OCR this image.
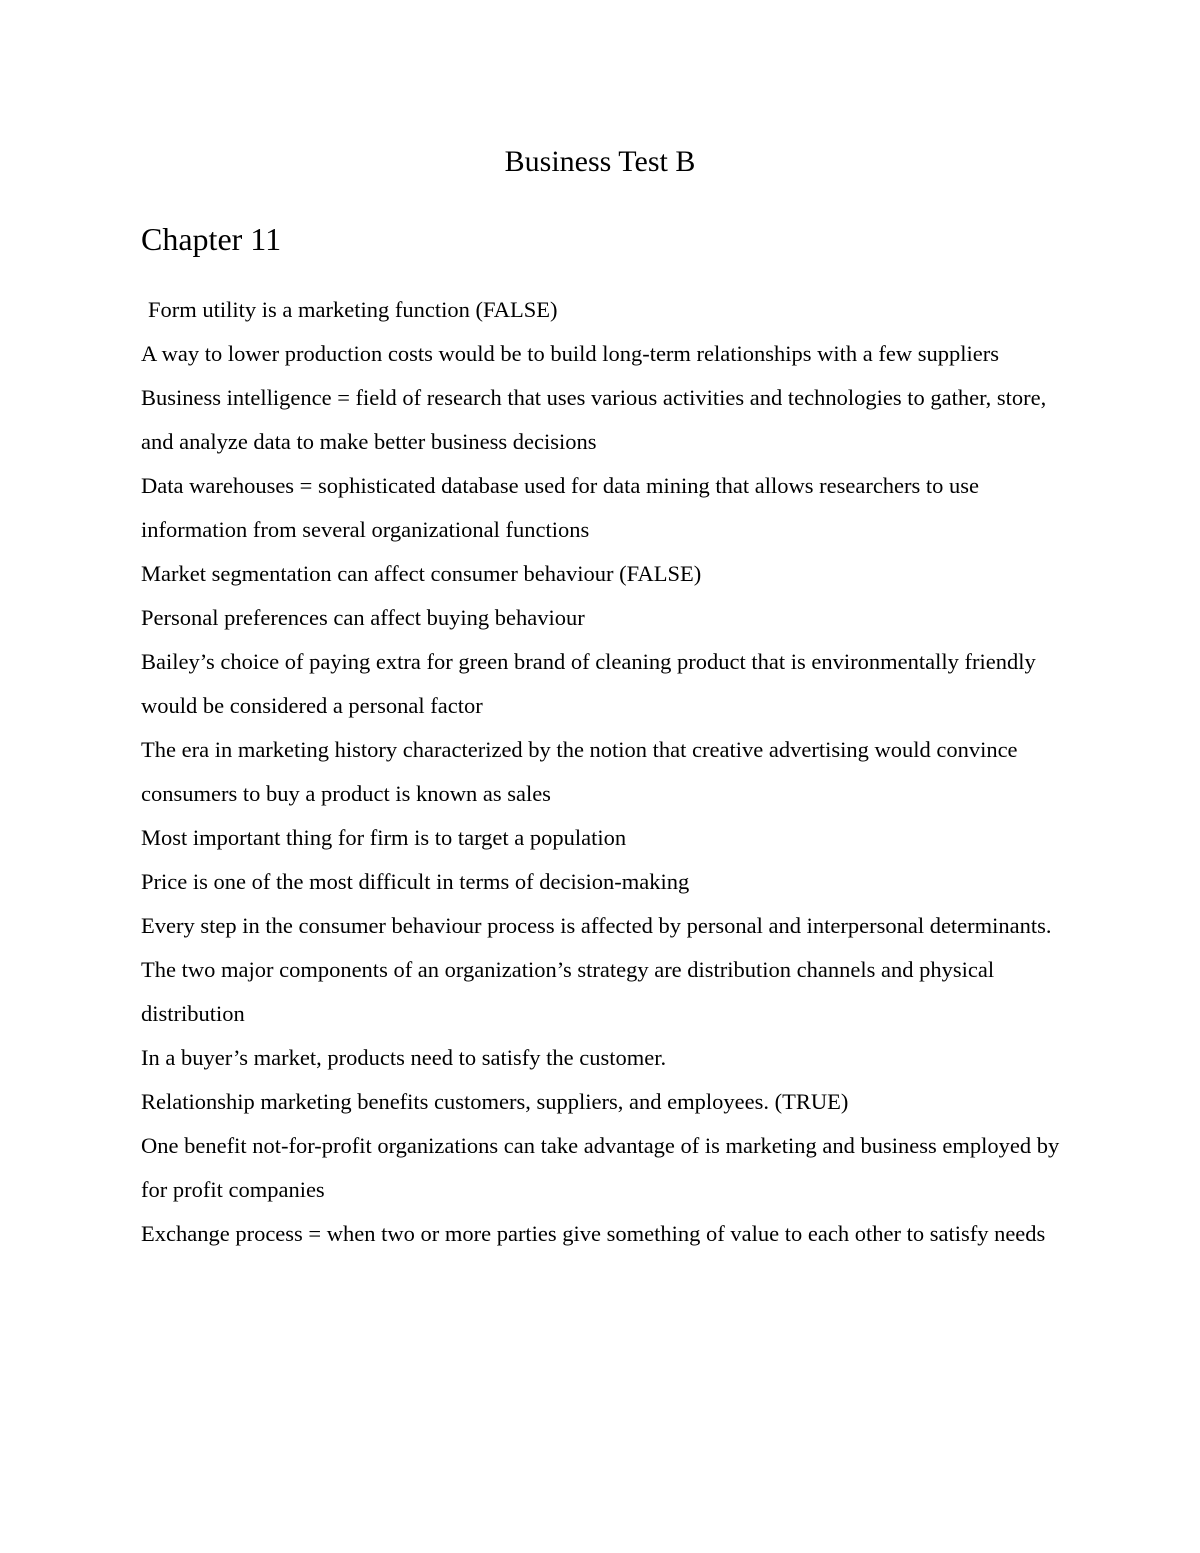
Business Test B
Chapter 11

Form utility is a marketing function (FALSE)

A way to lower production costs would be to build long-term relationships with a few suppliers

Business intelligence = field of research that uses various activities and technologies to gather, store, and analyze data to make better business decisions

Data warehouses = sophisticated database used for data mining that allows researchers to use information from several organizational functions

Market segmentation can affect consumer behaviour (FALSE)

Personal preferences can affect buying behaviour

Bailey’s choice of paying extra for green brand of cleaning product that is environmentally friendly would be considered a personal factor

The era in marketing history characterized by the notion that creative advertising would convince consumers to buy a product is known as sales

Most important thing for firm is to target a population

Price is one of the most difficult in terms of decision-making

Every step in the consumer behaviour process is affected by personal and interpersonal determinants.

The two major components of an organization’s strategy are distribution channels and physical distribution

In a buyer’s market, products need to satisfy the customer.

Relationship marketing benefits customers, suppliers, and employees. (TRUE)

One benefit not-for-profit organizations can take advantage of is marketing and business employed by for profit companies

Exchange process = when two or more parties give something of value to each other to satisfy needs
